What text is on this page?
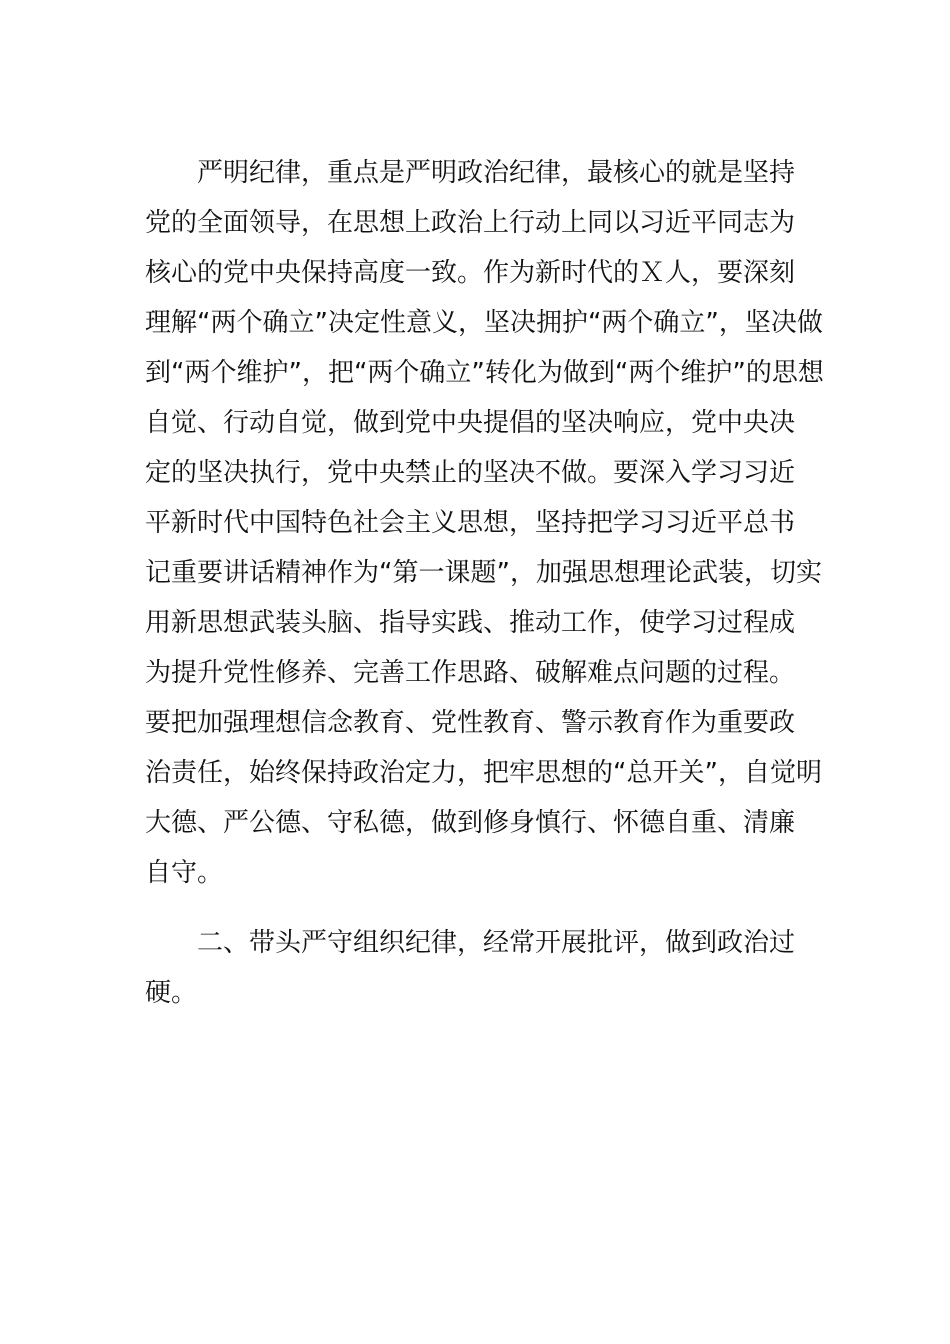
严明纪律，重点是严明政治纪律，最核心的就是坚持
党的全面领导，在思想上政治上行动上同以习近平同志为
核心的党中央保持高度一致。作为新时代的Ｘ人，要深刻
理解“两个确立”决定性意义，坚决拥护“两个确立”，坚决做
到“两个维护”，把“两个确立”转化为做到“两个维护”的思想
自觉、行动自觉，做到党中央提倡的坚决响应，党中央决
定的坚决执行，党中央禁止的坚决不做。要深入学习习近
平新时代中国特色社会主义思想，坚持把学习习近平总书
记重要讲话精神作为“第一课题”，加强思想理论武装，切实
用新思想武装头脑、指导实践、推动工作，使学习过程成
为提升党性修养、完善工作思路、破解难点问题的过程。
要把加强理想信念教育、党性教育、警示教育作为重要政
治责任，始终保持政治定力，把牢思想的“总开关”，自觉明
大德、严公德、守私德，做到修身慎行、怀德自重、清廉
自守。
二、带头严守组织纪律，经常开展批评，做到政治过
硬。
